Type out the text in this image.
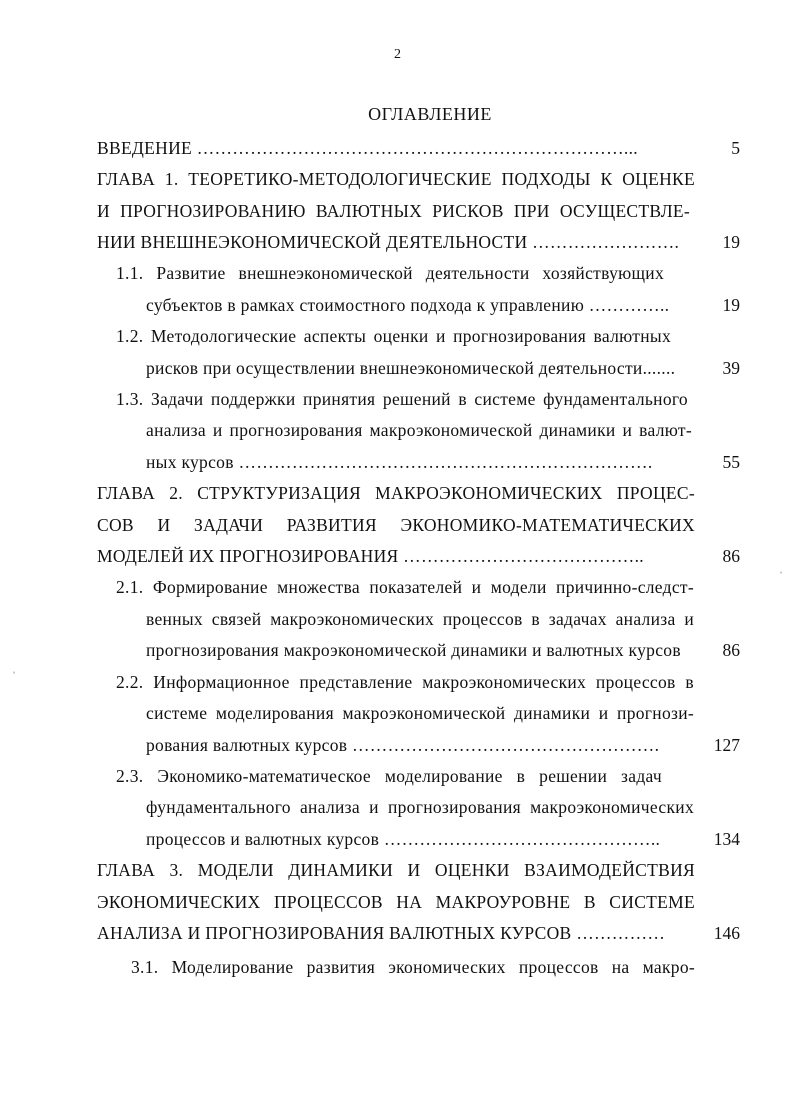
2
ОГЛАВЛЕНИЕ
ВВЕДЕНИЕ ………………………………………………………………...	5
ГЛАВА 1. ТЕОРЕТИКО-МЕТОДОЛОГИЧЕСКИЕ ПОДХОДЫ К ОЦЕНКЕ
И ПРОГНОЗИРОВАНИЮ ВАЛЮТНЫХ РИСКОВ ПРИ ОСУЩЕСТВЛЕ-
НИИ ВНЕШНЕЭКОНОМИЧЕСКОЙ ДЕЯТЕЛЬНОСТИ …………………….	19
1.1. Развитие внешнеэкономической деятельности хозяйствующих
субъектов в рамках стоимостного подхода к управлению …………..	19
1.2. Методологические аспекты оценки и прогнозирования валютных
рисков при осуществлении внешнеэкономической деятельности.......	39
1.3. Задачи поддержки принятия решений в системе фундаментального
анализа и прогнозирования макроэкономической динамики и валют-
ных курсов …………………………………………………………….	55
ГЛАВА 2. СТРУКТУРИЗАЦИЯ МАКРОЭКОНОМИЧЕСКИХ ПРОЦЕС-
СОВ И ЗАДАЧИ РАЗВИТИЯ ЭКОНОМИКО-МАТЕМАТИЧЕСКИХ
МОДЕЛЕЙ ИХ ПРОГНОЗИРОВАНИЯ …………………………………..	86
2.1. Формирование множества показателей и модели причинно-следст-
венных связей макроэкономических процессов в задачах анализа и
прогнозирования макроэкономической динамики и валютных курсов	86
2.2. Информационное представление макроэкономических процессов в
системе моделирования макроэкономической динамики и прогнози-
рования валютных курсов …………………………………………….	127
2.3. Экономико-математическое моделирование в решении задач
фундаментального анализа и прогнозирования макроэкономических
процессов и валютных курсов ………………………………………..	134
ГЛАВА 3. МОДЕЛИ ДИНАМИКИ И ОЦЕНКИ ВЗАИМОДЕЙСТВИЯ
ЭКОНОМИЧЕСКИХ ПРОЦЕССОВ НА МАКРОУРОВНЕ В СИСТЕМЕ
АНАЛИЗА И ПРОГНОЗИРОВАНИЯ ВАЛЮТНЫХ КУРСОВ ……………	146
3.1. Моделирование развития экономических процессов на макро-
ˌ
ˌ
